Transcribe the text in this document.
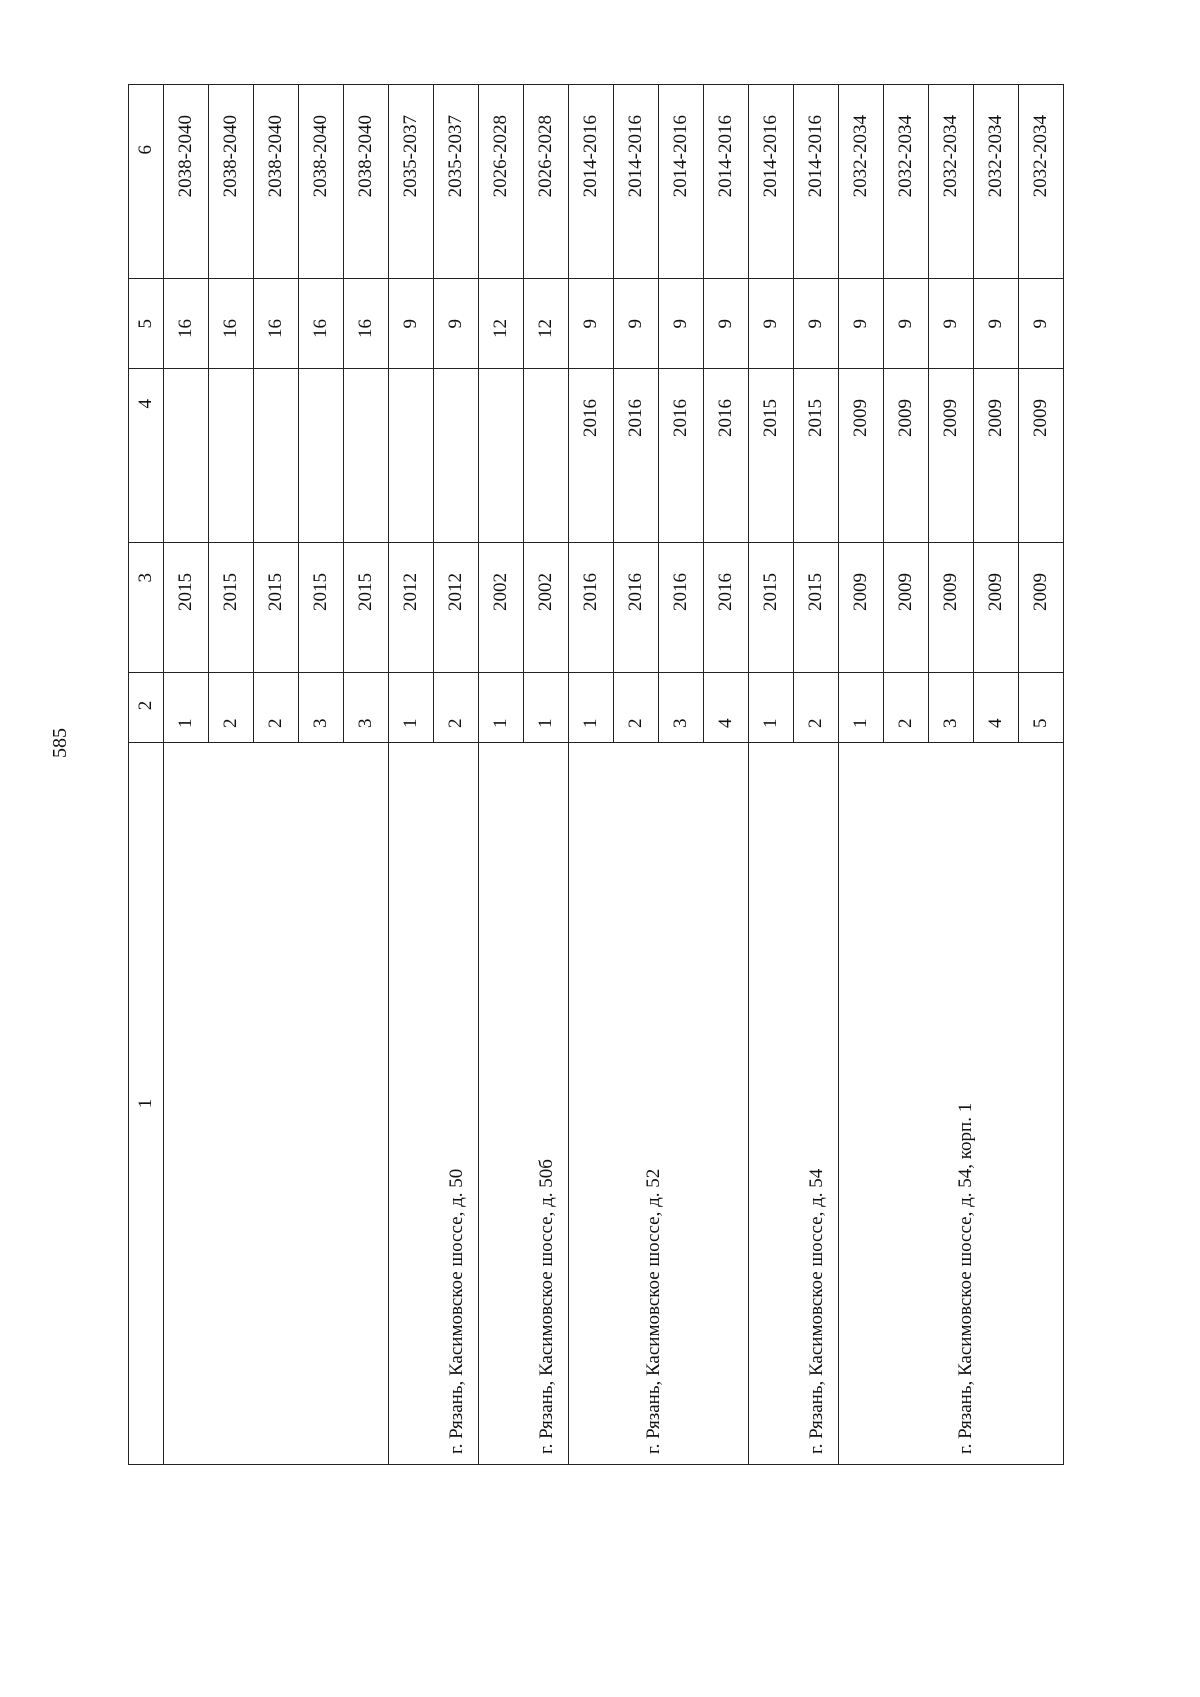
585
1	2	3	4	5	6
	1	2015		16	2038-2040
	2	2015		16	2038-2040
	2	2015		16	2038-2040
	3	2015		16	2038-2040
	3	2015		16	2038-2040
г. Рязань, Касимовское шоссе, д. 50	1	2012		9	2035-2037
	2	2012		9	2035-2037
г. Рязань, Касимовское шоссе, д. 50б	1	2002		12	2026-2028
	1	2002		12	2026-2028
г. Рязань, Касимовское шоссе, д. 52	1	2016	2016	9	2014-2016
	2	2016	2016	9	2014-2016
	3	2016	2016	9	2014-2016
	4	2016	2016	9	2014-2016
г. Рязань, Касимовское шоссе, д. 54	1	2015	2015	9	2014-2016
	2	2015	2015	9	2014-2016
г. Рязань, Касимовское шоссе, д. 54, корп. 1	1	2009	2009	9	2032-2034
	2	2009	2009	9	2032-2034
	3	2009	2009	9	2032-2034
	4	2009	2009	9	2032-2034
	5	2009	2009	9	2032-2034
